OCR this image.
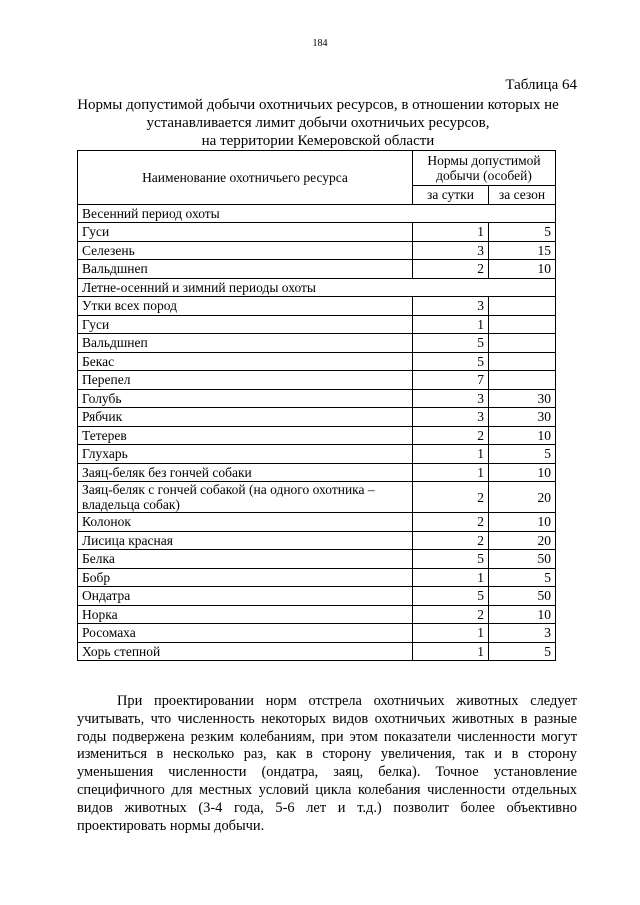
184
Таблица 64
Нормы допустимой добычи охотничьих ресурсов, в отношении которых не
устанавливается лимит добычи охотничьих ресурсов,
на территории Кемеровской области
Наименование охотничьего ресурса	Нормы допустимой добычи (особей)	
	за сутки	за сезон
Весенний период охоты		
Гуси	1	5
Селезень	3	15
Вальдшнеп	2	10
Летне-осенний и зимний периоды охоты		
Утки всех пород	3	
Гуси	1	
Вальдшнеп	5	
Бекас	5	
Перепел	7	
Голубь	3	30
Рябчик	3	30
Тетерев	2	10
Глухарь	1	5
Заяц-беляк без гончей собаки	1	10
Заяц-беляк с гончей собакой (на одного охотника – владельца собак)	2	20
Колонок	2	10
Лисица красная	2	20
Белка	5	50
Бобр	1	5
Ондатра	5	50
Норка	2	10
Росомаха	1	3
Хорь степной	1	5

При проектировании норм отстрела охотничьих животных следует учитывать, что численность некоторых видов охотничьих животных в разные годы подвержена резким колебаниям, при этом показатели численности могут измениться в несколько раз, как в сторону увеличения, так и в сторону уменьшения численности (ондатра, заяц, белка). Точное установление специфичного для местных условий цикла колебания численности отдельных видов животных (3-4 года, 5-6 лет и т.д.) позволит более объективно проектировать нормы добычи.
